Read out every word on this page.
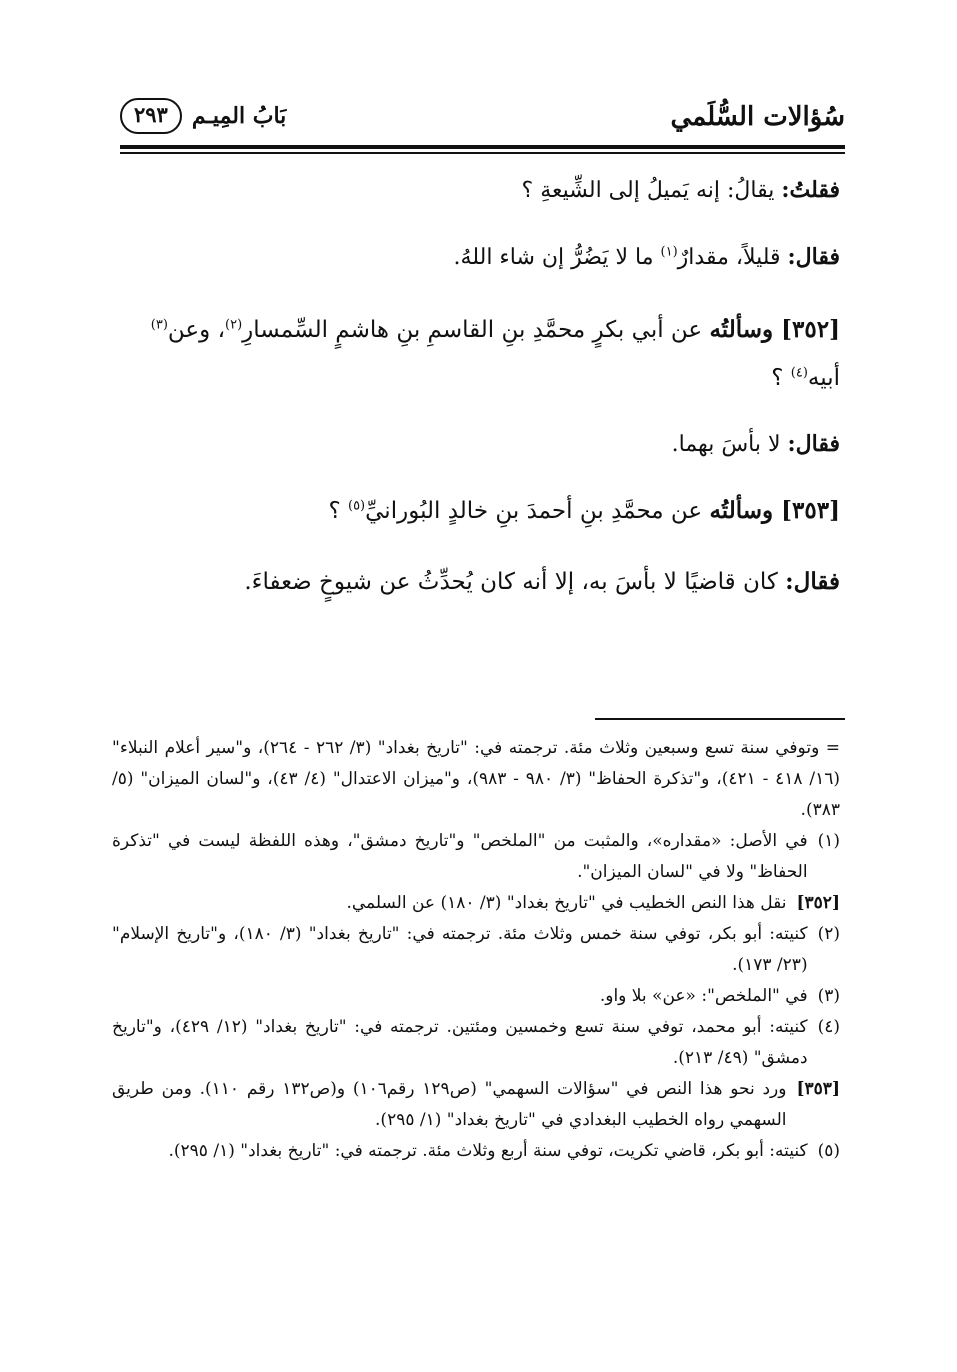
سُؤالات السُّلَمي
بَابُ المِيـم
٢٩٣

فقلتُ: يقالُ: إنه يَميلُ إلى الشِّيعةِ ؟

فقال: قليلاً، مقدارٌ$^{(١)}$ ما لا يَضُرُّ إن شاء اللهُ.

[٣٥٢] وسألتُه عن أبي بكرٍ محمَّدِ بنِ القاسمِ بنِ هاشمٍ السِّمسارِ$^{(٢)}$، وعن$^{(٣)}$ أبيه$^{(٤)}$ ؟

فقال: لا بأسَ بهما.

[٣٥٣] وسألتُه عن محمَّدِ بنِ أحمدَ بنِ خالدٍ البُورانيِّ$^{(٥)}$ ؟

فقال: كان قاضيًا لا بأسَ به، إلا أنه كان يُحدِّثُ عن شيوخٍ ضعفاءَ.

= وتوفي سنة تسع وسبعين وثلاث مئة. ترجمته في: "تاريخ بغداد" (٣/ ٢٦٢ - ٢٦٤)، و"سير أعلام النبلاء" (١٦/ ٤١٨ - ٤٢١)، و"تذكرة الحفاظ" (٣/ ٩٨٠ - ٩٨٣)، و"ميزان الاعتدال" (٤/ ٤٣)، و"لسان الميزان" (٥/ ٣٨٣).

(١)
في الأصل: «مقداره»، والمثبت من "الملخص" و"تاريخ دمشق"، وهذه اللفظة ليست في "تذكرة الحفاظ" ولا في "لسان الميزان".

[٣٥٢]
نقل هذا النص الخطيب في "تاريخ بغداد" (٣/ ١٨٠) عن السلمي.

(٢)
كنيته: أبو بكر، توفي سنة خمس وثلاث مئة. ترجمته في: "تاريخ بغداد" (٣/ ١٨٠)، و"تاريخ الإسلام" (٢٣/ ١٧٣).

(٣)
في "الملخص": «عن» بلا واو.

(٤)
كنيته: أبو محمد، توفي سنة تسع وخمسين ومئتين. ترجمته في: "تاريخ بغداد" (١٢/ ٤٢٩)، و"تاريخ دمشق" (٤٩/ ٢١٣).

[٣٥٣]
ورد نحو هذا النص في "سؤالات السهمي" (ص١٢٩ رقم١٠٦) و(ص١٣٢ رقم ١١٠). ومن طريق السهمي رواه الخطيب البغدادي في "تاريخ بغداد" (١/ ٢٩٥).

(٥)
كنيته: أبو بكر، قاضي تكريت، توفي سنة أربع وثلاث مئة. ترجمته في: "تاريخ بغداد" (١/ ٢٩٥).
